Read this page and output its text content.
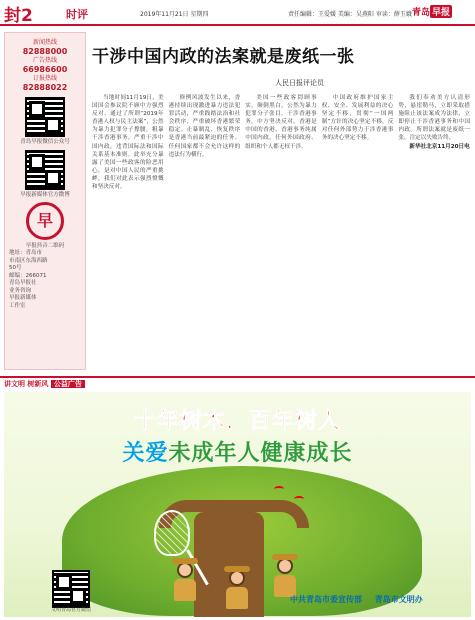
封2	时评	2019年11月21日 星期四	责任编辑：王爱媛 美编：吴燕阳 审读：薛玉娥 青岛 早报
新闻热线
82888000
广告热线
66986600
订报热线
82888022
青岛早报微信公众号
早报新媒体官方微博
早
早报抖音二维码
地址：青岛市
市南区东海西路
50号
邮编：266071
青岛早报社
业务咨询
早报新媒体
工作室
干涉中国内政的法案就是废纸一张
人民日报评论员

当地时间11月19日，美国国会参议院不顾中方强烈反对，通过了所谓“2019年香港人权与民主法案”，公然为暴力犯罪分子撑腰，粗暴干涉香港事务，严重干涉中国内政，违背国际法和国际关系基本准则。此举充分暴露了美国一些政客的险恶用心，是对中国人民的严重挑衅，我们对此表示强烈愤慨和坚决反对。

修例风波发生以来，香港持续出现激进暴力违法犯罪活动，严重践踏法治和社会秩序，严重破坏香港繁荣稳定。止暴制乱、恢复秩序是香港当前最紧迫的任务。任何国家都不会允许这样的违法行为横行。

美国一些政客罔顾事实，颠倒黑白，公然为暴力犯罪分子张目，干涉香港事务。中方坚决反对。香港是中国的香港，香港事务纯属中国内政，任何外国政府、组织和个人都无权干涉。

中国政府维护国家主权、安全、发展利益的决心坚定不移，贯彻“一国两制”方针的决心坚定不移，反对任何外部势力干涉香港事务的决心坚定不移。

我们奉劝美方认清形势，悬崖勒马，立即采取措施阻止该法案成为法律，立即停止干涉香港事务和中国内政。所谓法案就是废纸一张，注定以失败告终。

新华社北京11月20日电

讲文明 树新风 公益广告
十年树木，百年树人
关爱未成年人健康成长
文明青岛官方微信
中共青岛市委宣传部 青岛市文明办
